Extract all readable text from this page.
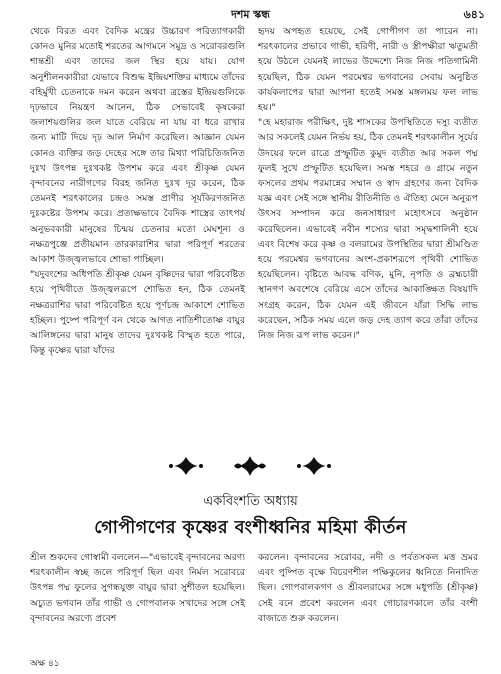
দশম স্কন্ধ	৬৪১

থেকে বিরত এবং বৈদিক মন্ত্রের উচ্চারণ পরিত্যাগকারী কোনও মুনির মতোই শরতের আগমনে সমুদ্র ও সরোবরগুলি শান্তশ্রী এবং তাদের জল স্থির হয়ে যায়। যোগ অনুশীলনকারীরা যেভাবে বিশুদ্ধ ইন্দ্রিয়শক্তির মাধ্যমে তাঁদের বহির্মুখী চেতনাকে দমন করেন অথবা ত্রস্তের ইন্দ্রিয়গুলিকে দৃঢ়ভাবে নিয়ন্ত্রণ আনেন, ঠিক সেভাবেই কৃষকেরা জলাশয়গুলির জল যাতে বেরিয়ে না যায় বা ধরে রাখার জন্য মাটি দিয়ে দৃঢ় আল নির্মাণ করেছিল। আজ্ঞান যেমন কোনও ব্যক্তির জড় দেহের সঙ্গে তার মিথ্যা পরিচিতিজনিত দুঃখ উৎপন্ন দুঃখকষ্ট উপশম করে এবং শ্রীকৃষ্ণ যেমন বৃন্দাবনের নারীগণের বিরহ জনিত দুঃখ দূর করেন, ঠিক তেমনই শরৎকালের চন্দ্রও সমস্ত প্রাণীর সূর্যকিরণজনিত দুঃকষ্টের উপশম করে। প্রত্যক্ষভাবে বৈদিক শাস্ত্রের তাৎপর্য অনুভবকারী মানুষের চিন্ময় চেতনার মতো মেঘশূন্য ও নক্ষত্রপুঞ্জে প্রতীয়মান তারকারাশির দ্বারা পরিপূর্ণ শরতের আকাশ উজ্জ্বলভাবে শোভা পাচ্ছিল।

"যদুবংশের অধিপতি শ্রীকৃষ্ণ যেমন বৃষ্ণিদের দ্বারা পরিবেষ্টিত হয়ে পৃথিবীতে উজ্জ্বলরূপে শোভিত হন, ঠিক তেমনই নক্ষত্ররাশির দ্বারা পরিবেষ্টিত হয়ে পূর্ণচন্দ্র আকাশে শোভিত হচ্ছিল। পুষ্পে পরিপূর্ণ বন থেকে আগত নাতিশীতোষ্ণ বায়ুর আলিঙ্গনের দ্বারা মানুষ তাদের দুঃখকষ্ট বিস্মৃত হতে পারে, কিন্তু কৃষ্ণের দ্বারা যাঁদের

হৃদয় অপহৃত হয়েছে, সেই গোপীগণ তা পারেন না। শরৎকালের প্রভাবে গাভী, হরিণী, নারী ও স্ত্রীপক্ষীরা ঋতুমতী হয়ে উঠলে যেমনই লাভের উদ্দেশ্যে নিজ নিজ পতিগামিনী হয়েছিল, ঠিক যেমন পরমেশ্বর ভগবানের সেবায় অনুষ্ঠিত কার্যকলাপের দ্বারা আপনা হতেই সমস্ত মঙ্গলময় ফল লাভ হয়।"

"হে মহারাজ পরীক্ষিৎ, দুষ্ট শাসকের উপস্থিতিতে দস্যু ব্যতীত আর সকলেই যেমন নির্ভয় হয়, ঠিক তেমনই শরৎকালীন সূর্যের উদয়ের ফলে রাত্রে প্রস্ফুটিত কুমুদ ব্যতীত আর সকল পদ্ম ফুলই সুখে প্রস্ফুটিত হয়েছিল। সমস্ত শহরে ও গ্রামে নতুন ফসলের প্রথম পরমান্নের সম্মান ও স্বাদ গ্রহণের জন্য বৈদিক যজ্ঞ এবং সেই সঙ্গে স্থানীয় রীতিনীতি ও ঐতিহ্য মেনে অনুরূপ উৎসব সম্পাদন করে জনসাধারণ মহোৎসবে অনুষ্ঠান করেছিলেন। এভাবেই নবীন শস্যের দ্বারা সমৃদ্ধশালিনী হয়ে এবং বিশেষ করে কৃষ্ণ ও বলরামের উপস্থিতির দ্বারা শ্রীমণ্ডিত হয়ে পরমেশ্বর ভগবানের অংশ-প্রকাশরূপে পৃথিবী শোভিত হয়েছিলেন। বৃষ্টিতে আবদ্ধ বণিক, মুনি, নৃপতি ও ব্রহ্মচারী স্থানগণ অবশেষে বেরিয়ে এসে তাঁদের আকাঙ্ক্ষিত বিষয়াদি সংগ্রহ করেন, ঠিক যেমন এই জীবনে যাঁরা সিদ্ধি লাভ করেছেন, সঠিক সময় এলে জড় দেহ ত্যাগ করে তাঁরা তাঁদের নিজ নিজ রূপ লাভ করেন।"

একবিংশতি অধ্যায়
গোপীগণের কৃষ্ণের বংশীধ্বনির মহিমা কীর্তন

শ্রীল শুকদেব গোস্বামী বললেন—"এভাবেই বৃন্দাবনের অরণ্য শরৎকালীন স্বচ্ছ জলে পরিপূর্ণ ছিল এবং নির্মল সরোবরে উৎপন্ন পদ্ম ফুলের সুগন্ধযুক্ত বায়ুর দ্বারা সুশীতল হয়েছিল। অচ্যুত ভগবান তাঁর গাভী ও গোপবালক সখাদের সঙ্গে সেই বৃন্দাবনের অরণ্যে প্রবেশ

করলেন। বৃন্দাবনের সরোবর, নদী ও পর্বতসকল মত্ত ভ্রমর এবং পুষ্পিত বৃক্ষে বিচরণশীল পক্ষিকুলের ধ্বনিতে নিনাদিত ছিল। গোপবালকগণ ও শ্রীবলরামের সঙ্গে মধুপতি (শ্রীকৃষ্ণ) সেই বনে প্রবেশ করলেন এবং গোচারণকালে তাঁর বংশী বাজাতে শুরু করলেন।

অক্ষ ৪১
